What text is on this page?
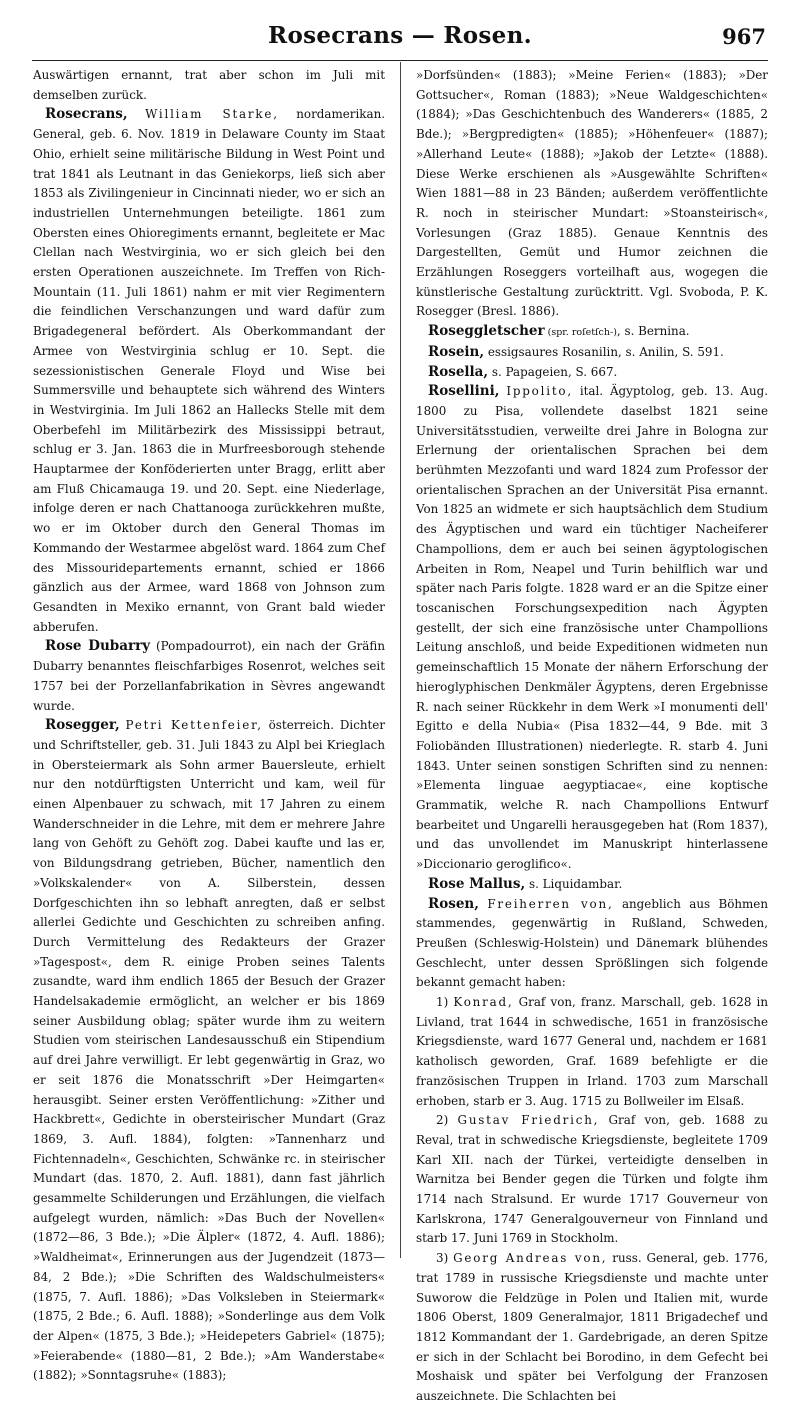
Rosecrans — Rosen.	967

Auswärtigen ernannt, trat aber schon im Juli mit demselben zurück.

Rosecrans, William Starke, nordamerikan. General, geb. 6. Nov. 1819 in Delaware County im Staat Ohio, erhielt seine militärische Bildung in West Point und trat 1841 als Leutnant in das Geniekorps, ließ sich aber 1853 als Zivilingenieur in Cincinnati nieder, wo er sich an industriellen Unternehmungen beteiligte. 1861 zum Obersten eines Ohioregiments ernannt, begleitete er Mac Clellan nach Westvirginia, wo er sich gleich bei den ersten Operationen auszeichnete. Im Treffen von Rich-Mountain (11. Juli 1861) nahm er mit vier Regimentern die feindlichen Verschanzungen und ward dafür zum Brigadegeneral befördert. Als Oberkommandant der Armee von Westvirginia schlug er 10. Sept. die sezessionistischen Generale Floyd und Wise bei Summersville und behauptete sich während des Winters in Westvirginia. Im Juli 1862 an Hallecks Stelle mit dem Oberbefehl im Militärbezirk des Mississippi betraut, schlug er 3. Jan. 1863 die in Murfreesborough stehende Hauptarmee der Konföderierten unter Bragg, erlitt aber am Fluß Chicamauga 19. und 20. Sept. eine Niederlage, infolge deren er nach Chattanooga zurückkehren mußte, wo er im Oktober durch den General Thomas im Kommando der Westarmee abgelöst ward. 1864 zum Chef des Missouridepartements ernannt, schied er 1866 gänzlich aus der Armee, ward 1868 von Johnson zum Gesandten in Mexiko ernannt, von Grant bald wieder abberufen.

Rose Dubarry (Pompadourrot), ein nach der Gräfin Dubarry benanntes fleischfarbiges Rosenrot, welches seit 1757 bei der Porzellanfabrikation in Sèvres angewandt wurde.

Rosegger, Petri Kettenfeier, österreich. Dichter und Schriftsteller, geb. 31. Juli 1843 zu Alpl bei Krieglach in Obersteiermark als Sohn armer Bauersleute, erhielt nur den notdürftigsten Unterricht und kam, weil für einen Alpenbauer zu schwach, mit 17 Jahren zu einem Wanderschneider in die Lehre, mit dem er mehrere Jahre lang von Gehöft zu Gehöft zog. Dabei kaufte und las er, von Bildungsdrang getrieben, Bücher, namentlich den »Volkskalender« von A. Silberstein, dessen Dorfgeschichten ihn so lebhaft anregten, daß er selbst allerlei Gedichte und Geschichten zu schreiben anfing. Durch Vermittelung des Redakteurs der Grazer »Tagespost«, dem R. einige Proben seines Talents zusandte, ward ihm endlich 1865 der Besuch der Grazer Handelsakademie ermöglicht, an welcher er bis 1869 seiner Ausbildung oblag; später wurde ihm zu weitern Studien vom steirischen Landesausschuß ein Stipendium auf drei Jahre verwilligt. Er lebt gegenwärtig in Graz, wo er seit 1876 die Monatsschrift »Der Heimgarten« herausgibt. Seiner ersten Veröffentlichung: »Zither und Hackbrett«, Gedichte in obersteirischer Mundart (Graz 1869, 3. Aufl. 1884), folgten: »Tannenharz und Fichtennadeln«, Geschichten, Schwänke rc. in steirischer Mundart (das. 1870, 2. Aufl. 1881), dann fast jährlich gesammelte Schilderungen und Erzählungen, die vielfach aufgelegt wurden, nämlich: »Das Buch der Novellen« (1872—86, 3 Bde.); »Die Älpler« (1872, 4. Aufl. 1886); »Waldheimat«, Erinnerungen aus der Jugendzeit (1873—84, 2 Bde.); »Die Schriften des Waldschulmeisters« (1875, 7. Aufl. 1886); »Das Volksleben in Steiermark« (1875, 2 Bde.; 6. Aufl. 1888); »Sonderlinge aus dem Volk der Alpen« (1875, 3 Bde.); »Heidepeters Gabriel« (1875); »Feierabende« (1880—81, 2 Bde.); »Am Wanderstabe« (1882); »Sonntagsruhe« (1883);

»Dorfsünden« (1883); »Meine Ferien« (1883); »Der Gottsucher«, Roman (1883); »Neue Waldgeschichten« (1884); »Das Geschichtenbuch des Wanderers« (1885, 2 Bde.); »Bergpredigten« (1885); »Höhenfeuer« (1887); »Allerhand Leute« (1888); »Jakob der Letzte« (1888). Diese Werke erschienen als »Ausgewählte Schriften« Wien 1881—88 in 23 Bänden; außerdem veröffentlichte R. noch in steirischer Mundart: »Stoansteirisch«, Vorlesungen (Graz 1885). Genaue Kenntnis des Dargestellten, Gemüt und Humor zeichnen die Erzählungen Roseggers vorteilhaft aus, wogegen die künstlerische Gestaltung zurücktritt. Vgl. Svoboda, P. K. Rosegger (Bresl. 1886).

Roseggletscher (spr. roſetſch-), s. Bernina.

Rosein, essigsaures Rosanilin, s. Anilin, S. 591.

Rosella, s. Papageien, S. 667.

Rosellini, Ippolito, ital. Ägyptolog, geb. 13. Aug. 1800 zu Pisa, vollendete daselbst 1821 seine Universitätsstudien, verweilte drei Jahre in Bologna zur Erlernung der orientalischen Sprachen bei dem berühmten Mezzofanti und ward 1824 zum Professor der orientalischen Sprachen an der Universität Pisa ernannt. Von 1825 an widmete er sich hauptsächlich dem Studium des Ägyptischen und ward ein tüchtiger Nacheiferer Champollions, dem er auch bei seinen ägyptologischen Arbeiten in Rom, Neapel und Turin behilflich war und später nach Paris folgte. 1828 ward er an die Spitze einer toscanischen Forschungsexpedition nach Ägypten gestellt, der sich eine französische unter Champollions Leitung anschloß, und beide Expeditionen widmeten nun gemeinschaftlich 15 Monate der nähern Erforschung der hieroglyphischen Denkmäler Ägyptens, deren Ergebnisse R. nach seiner Rückkehr in dem Werk »I monumenti dell' Egitto e della Nubia« (Pisa 1832—44, 9 Bde. mit 3 Foliobänden Illustrationen) niederlegte. R. starb 4. Juni 1843. Unter seinen sonstigen Schriften sind zu nennen: »Elementa linguae aegyptiacae«, eine koptische Grammatik, welche R. nach Champollions Entwurf bearbeitet und Ungarelli herausgegeben hat (Rom 1837), und das unvollendet im Manuskript hinterlassene »Diccionario geroglifico«.

Rose Mallus, s. Liquidambar.

Rosen, Freiherren von, angeblich aus Böhmen stammendes, gegenwärtig in Rußland, Schweden, Preußen (Schleswig-Holstein) und Dänemark blühendes Geschlecht, unter dessen Sprößlingen sich folgende bekannt gemacht haben:

1) Konrad, Graf von, franz. Marschall, geb. 1628 in Livland, trat 1644 in schwedische, 1651 in französische Kriegsdienste, ward 1677 General und, nachdem er 1681 katholisch geworden, Graf. 1689 befehligte er die französischen Truppen in Irland. 1703 zum Marschall erhoben, starb er 3. Aug. 1715 zu Bollweiler im Elsaß.

2) Gustav Friedrich, Graf von, geb. 1688 zu Reval, trat in schwedische Kriegsdienste, begleitete 1709 Karl XII. nach der Türkei, verteidigte denselben in Warnitza bei Bender gegen die Türken und folgte ihm 1714 nach Stralsund. Er wurde 1717 Gouverneur von Karlskrona, 1747 Generalgouverneur von Finnland und starb 17. Juni 1769 in Stockholm.

3) Georg Andreas von, russ. General, geb. 1776, trat 1789 in russische Kriegsdienste und machte unter Suworow die Feldzüge in Polen und Italien mit, wurde 1806 Oberst, 1809 Generalmajor, 1811 Brigadechef und 1812 Kommandant der 1. Gardebrigade, an deren Spitze er sich in der Schlacht bei Borodino, in dem Gefecht bei Moshaisk und später bei Verfolgung der Franzosen auszeichnete. Die Schlachten bei
